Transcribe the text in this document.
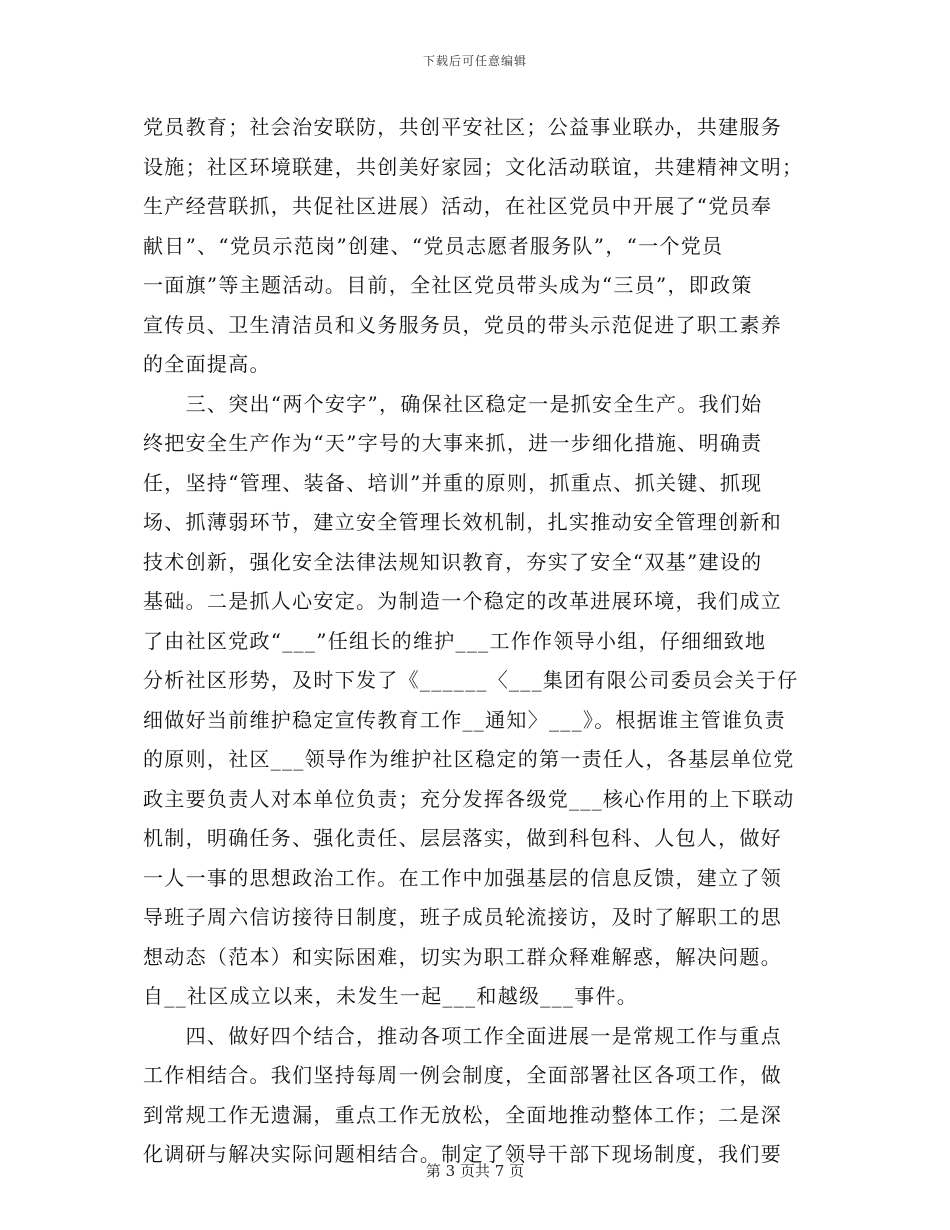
下载后可任意编辑
党员教育；社会治安联防，共创平安社区；公益事业联办，共建服务
设施；社区环境联建，共创美好家园；文化活动联谊，共建精神文明；
生产经营联抓，共促社区进展）活动，在社区党员中开展了“党员奉
献日”、“党员示范岗”创建、“党员志愿者服务队”，“一个党员
一面旗”等主题活动。目前，全社区党员带头成为“三员”，即政策
宣传员、卫生清洁员和义务服务员，党员的带头示范促进了职工素养
的全面提高。
　　三、突出“两个安字”，确保社区稳定一是抓安全生产。我们始
终把安全生产作为“天”字号的大事来抓，进一步细化措施、明确责
任，坚持“管理、装备、培训”并重的原则，抓重点、抓关键、抓现
场、抓薄弱环节，建立安全管理长效机制，扎实推动安全管理创新和
技术创新，强化安全法律法规知识教育，夯实了安全“双基”建设的
基础。二是抓人心安定。为制造一个稳定的改革进展环境，我们成立
了由社区党政“___”任组长的维护___工作作领导小组，仔细细致地
分析社区形势，及时下发了《______〈___集团有限公司委员会关于仔
细做好当前维护稳定宣传教育工作__通知〉___》。根据谁主管谁负责
的原则，社区___领导作为维护社区稳定的第一责任人，各基层单位党
政主要负责人对本单位负责；充分发挥各级党___核心作用的上下联动
机制，明确任务、强化责任、层层落实，做到科包科、人包人，做好
一人一事的思想政治工作。在工作中加强基层的信息反馈，建立了领
导班子周六信访接待日制度，班子成员轮流接访，及时了解职工的思
想动态（范本）和实际困难，切实为职工群众释难解惑，解决问题。
自__社区成立以来，未发生一起___和越级___事件。
　　四、做好四个结合，推动各项工作全面进展一是常规工作与重点
工作相结合。我们坚持每周一例会制度，全面部署社区各项工作，做
到常规工作无遗漏，重点工作无放松，全面地推动整体工作；二是深
化调研与解决实际问题相结合。制定了领导干部下现场制度，我们要
第 3 页共 7 页
